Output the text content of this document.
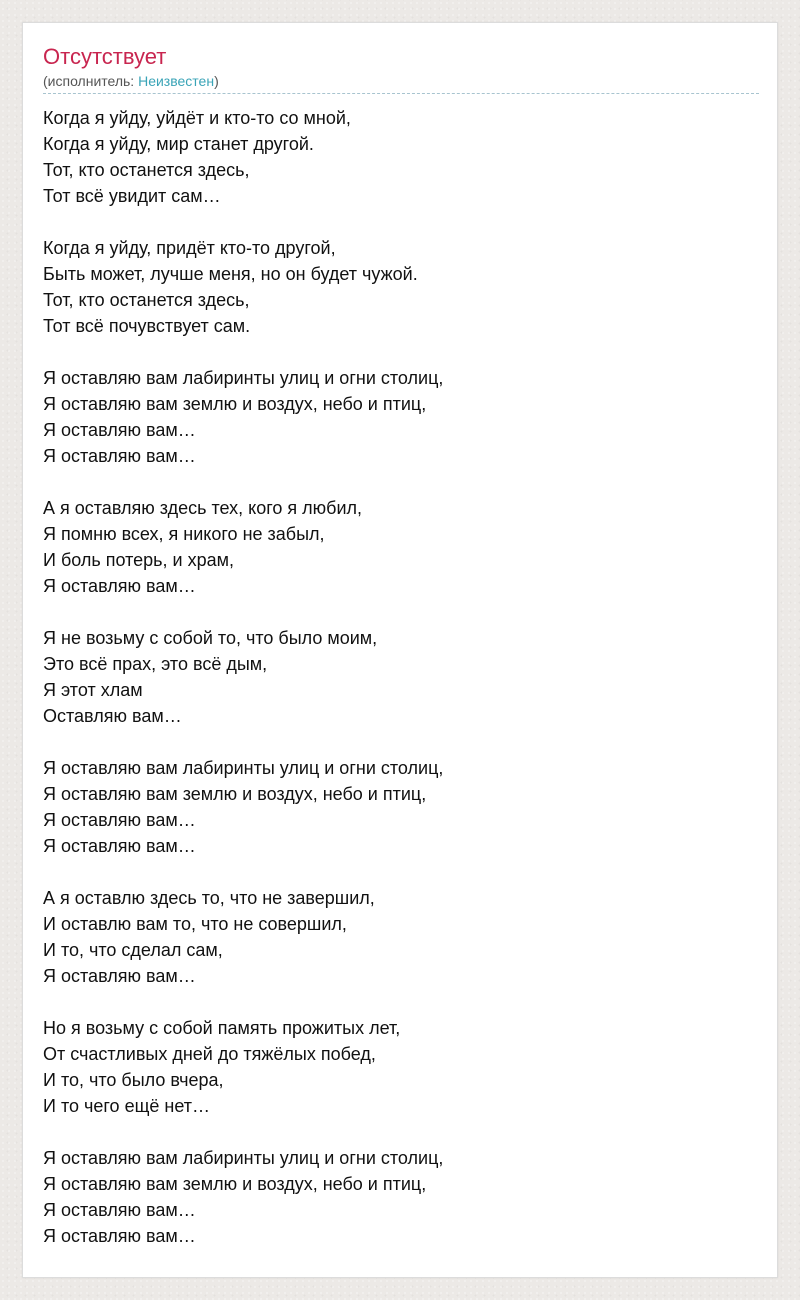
Отсутствует
(исполнитель: Неизвестен)
Когда я уйду, уйдёт и кто-то со мной,
Когда я уйду, мир станет другой.
Тот, кто останется здесь,
Тот всё увидит сам…
Когда я уйду, придёт кто-то другой,
Быть может, лучше меня, но он будет чужой.
Тот, кто останется здесь,
Тот всё почувствует сам.
Я оставляю вам лабиринты улиц и огни столиц,
Я оставляю вам землю и воздух, небо и птиц,
Я оставляю вам…
Я оставляю вам…
А я оставляю здесь тех, кого я любил,
Я помню всех, я никого не забыл,
И боль потерь, и храм,
Я оставляю вам…
Я не возьму с собой то, что было моим,
Это всё прах, это всё дым,
Я этот хлам
Оставляю вам…
Я оставляю вам лабиринты улиц и огни столиц,
Я оставляю вам землю и воздух, небо и птиц,
Я оставляю вам…
Я оставляю вам…
А я оставлю здесь то, что не завершил,
И оставлю вам то, что не совершил,
И то, что сделал сам,
Я оставляю вам…
Но я возьму с собой память прожитых лет,
От счастливых дней до тяжёлых побед,
И то, что было вчера,
И то чего ещё нет…
Я оставляю вам лабиринты улиц и огни столиц,
Я оставляю вам землю и воздух, небо и птиц,
Я оставляю вам…
Я оставляю вам…
